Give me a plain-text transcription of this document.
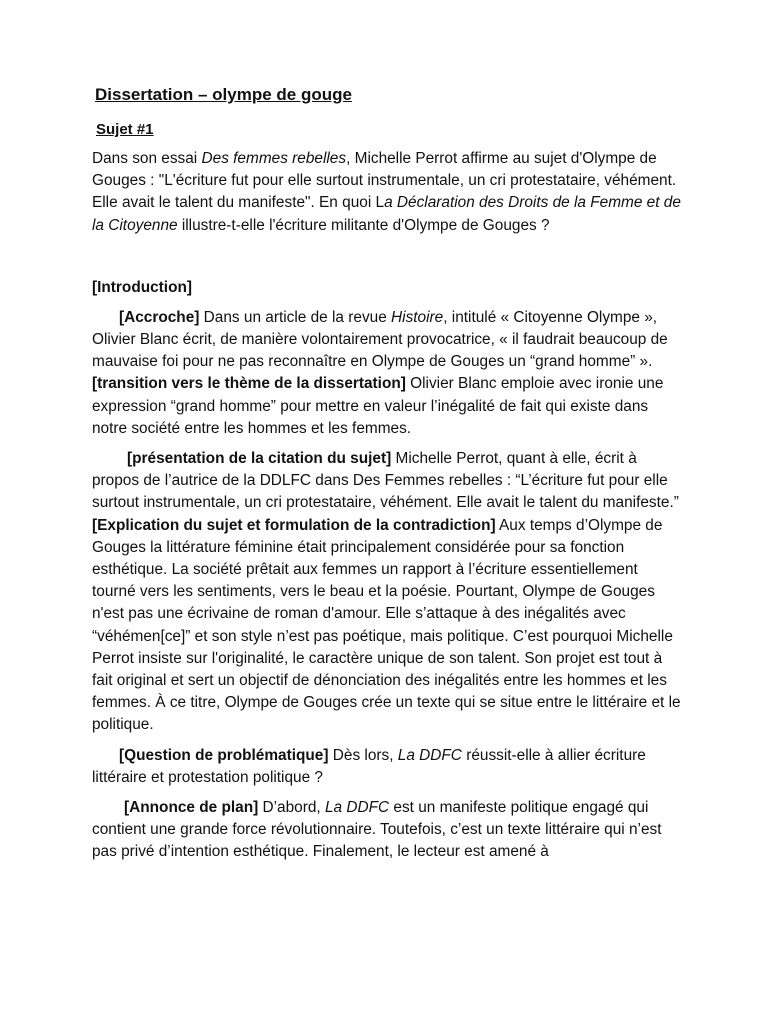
Dissertation – olympe de gouge
Sujet #1

Dans son essai Des femmes rebelles, Michelle Perrot affirme au sujet d'Olympe de Gouges : "L'écriture fut pour elle surtout instrumentale, un cri protestataire, véhément. Elle avait le talent du manifeste". En quoi La Déclaration des Droits de la Femme et de la Citoyenne illustre-t-elle l'écriture militante d'Olympe de Gouges ?

[Introduction]

[Accroche] Dans un article de la revue Histoire, intitulé « Citoyenne Olympe », Olivier Blanc écrit, de manière volontairement provocatrice, « il faudrait beaucoup de mauvaise foi pour ne pas reconnaître en Olympe de Gouges un “grand homme” ». [transition vers le thème de la dissertation] Olivier Blanc emploie avec ironie une expression “grand homme” pour mettre en valeur l’inégalité de fait qui existe dans notre société entre les hommes et les femmes.

[présentation de la citation du sujet] Michelle Perrot, quant à elle, écrit à propos de l’autrice de la DDLFC dans Des Femmes rebelles : “L’écriture fut pour elle surtout instrumentale, un cri protestataire, véhément. Elle avait le talent du manifeste.” [Explication du sujet et formulation de la contradiction] Aux temps d’Olympe de Gouges la littérature féminine était principalement considérée pour sa fonction esthétique. La société prêtait aux femmes un rapport à l’écriture essentiellement tourné vers les sentiments, vers le beau et la poésie. Pourtant, Olympe de Gouges n'est pas une écrivaine de roman d'amour. Elle s’attaque à des inégalités avec “véhémen[ce]” et son style n’est pas poétique, mais politique. C’est pourquoi Michelle Perrot insiste sur l'originalité, le caractère unique de son talent. Son projet est tout à fait original et sert un objectif de dénonciation des inégalités entre les hommes et les femmes. À ce titre, Olympe de Gouges crée un texte qui se situe entre le littéraire et le politique.

[Question de problématique] Dès lors, La DDFC réussit-elle à allier écriture littéraire et protestation politique ?

[Annonce de plan] D’abord, La DDFC est un manifeste politique engagé qui contient une grande force révolutionnaire. Toutefois, c’est un texte littéraire qui n’est pas privé d’intention esthétique. Finalement, le lecteur est amené à
